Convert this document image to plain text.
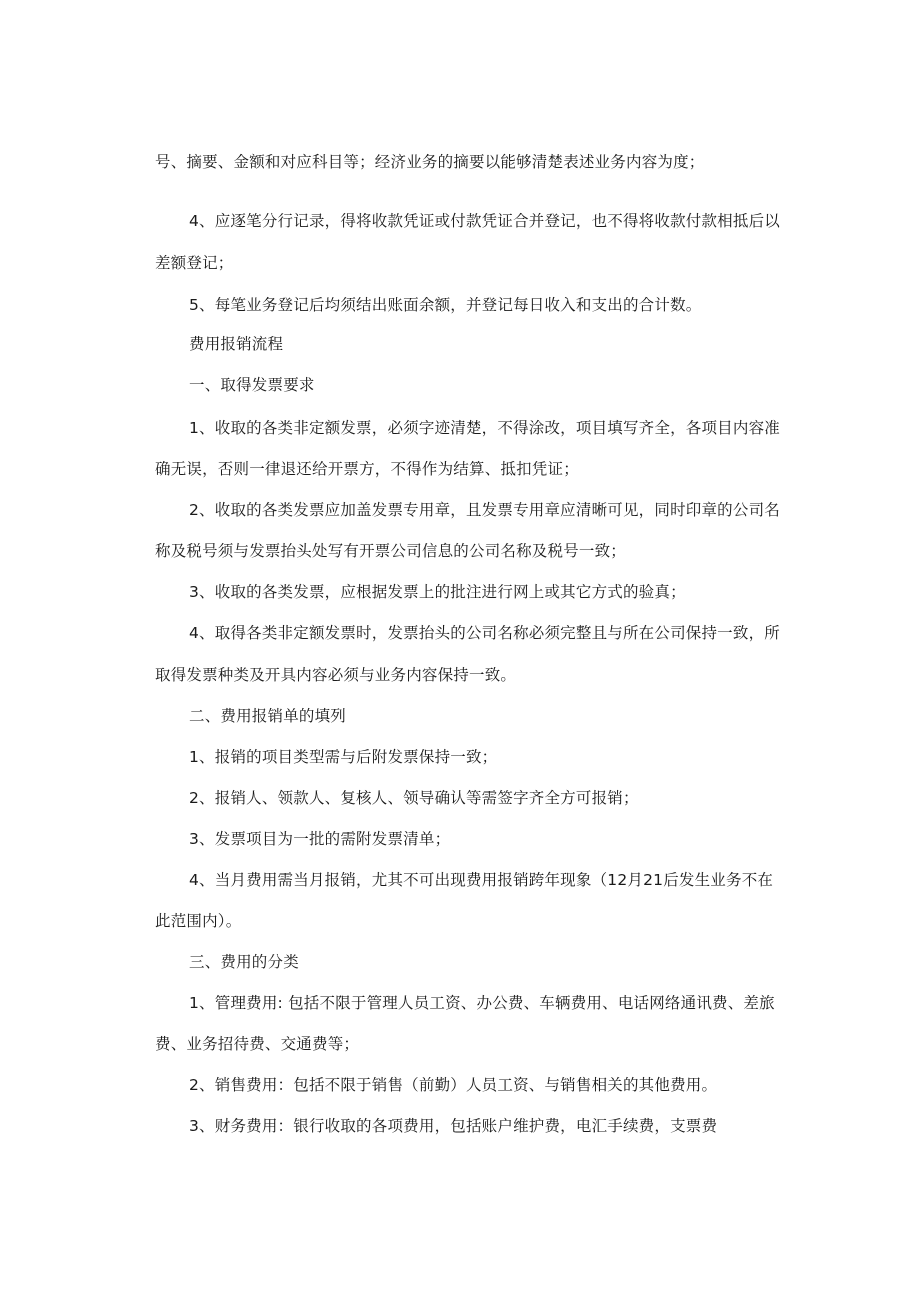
号、摘要、金额和对应科目等；经济业务的摘要以能够清楚表述业务内容为度；
4、应逐笔分行记录，得将收款凭证或付款凭证合并登记，也不得将收款付款相抵后以
差额登记；
5、每笔业务登记后均须结出账面余额，并登记每日收入和支出的合计数。
费用报销流程
一、取得发票要求
1、收取的各类非定额发票，必须字迹清楚，不得涂改，项目填写齐全，各项目内容准
确无误，否则一律退还给开票方，不得作为结算、抵扣凭证；
2、收取的各类发票应加盖发票专用章，且发票专用章应清晰可见，同时印章的公司名
称及税号须与发票抬头处写有开票公司信息的公司名称及税号一致；
3、收取的各类发票，应根据发票上的批注进行网上或其它方式的验真；
4、取得各类非定额发票时，发票抬头的公司名称必须完整且与所在公司保持一致，所
取得发票种类及开具内容必须与业务内容保持一致。
二、费用报销单的填列
1、报销的项目类型需与后附发票保持一致；
2、报销人、领款人、复核人、领导确认等需签字齐全方可报销；
3、发票项目为一批的需附发票清单；
4、当月费用需当月报销，尤其不可出现费用报销跨年现象（12月21后发生业务不在
此范围内）。
三、费用的分类
1、管理费用: 包括不限于管理人员工资、办公费、车辆费用、电话网络通讯费、差旅
费、业务招待费、交通费等；
2、销售费用：包括不限于销售（前勤）人员工资、与销售相关的其他费用。
3、财务费用：银行收取的各项费用，包括账户维护费，电汇手续费，支票费
